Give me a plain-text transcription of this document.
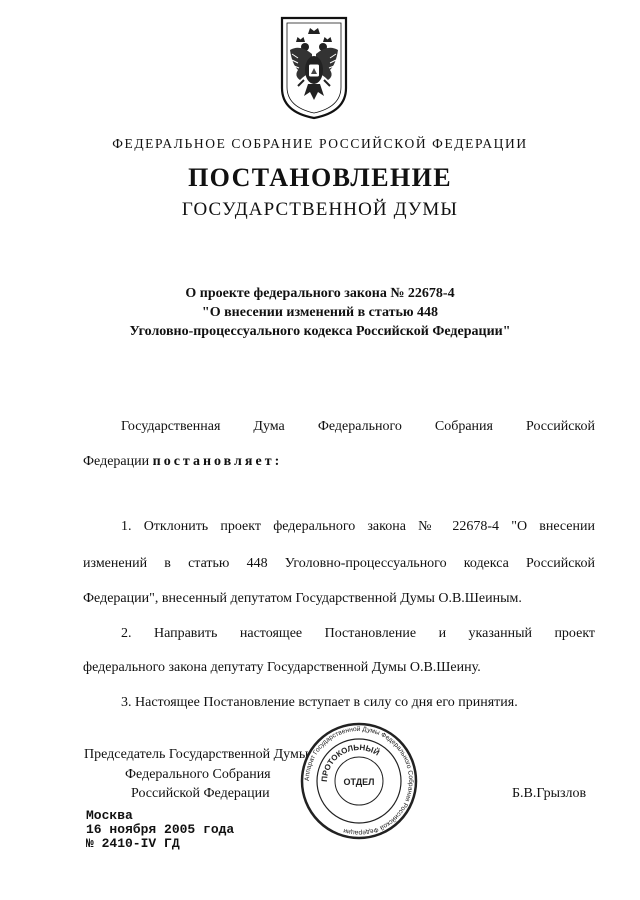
ФЕДЕРАЛЬНОЕ СОБРАНИЕ РОССИЙСКОЙ ФЕДЕРАЦИИ
ПОСТАНОВЛЕНИЕ
ГОСУДАРСТВЕННОЙ ДУМЫ
О проекте федерального закона № 22678-4
"О внесении изменений в статью 448
Уголовно-процессуального кодекса Российской Федерации"
Государственная Дума Федерального Собрания Российской
Федерации постановляет:
1. Отклонить проект федерального закона № 22678-4 "О внесении
изменений в статью 448 Уголовно-процессуального кодекса Российской
Федерации", внесенный депутатом Государственной Думы О.В.Шеиным.
2. Направить настоящее Постановление и указанный проект
федерального закона депутату Государственной Думы О.В.Шеину.
3. Настоящее Постановление вступает в силу со дня его принятия.
Председатель Государственной Думы
Федерального Собрания
Российской Федерации	Б.В.Грызлов
Аппарат Государственной Думы Федерального Собрания Российской Федерации
ПРОТОКОЛЬНЫЙ
ОТДЕЛ
Москва
16 ноября 2005 года
№ 2410-IV ГД
